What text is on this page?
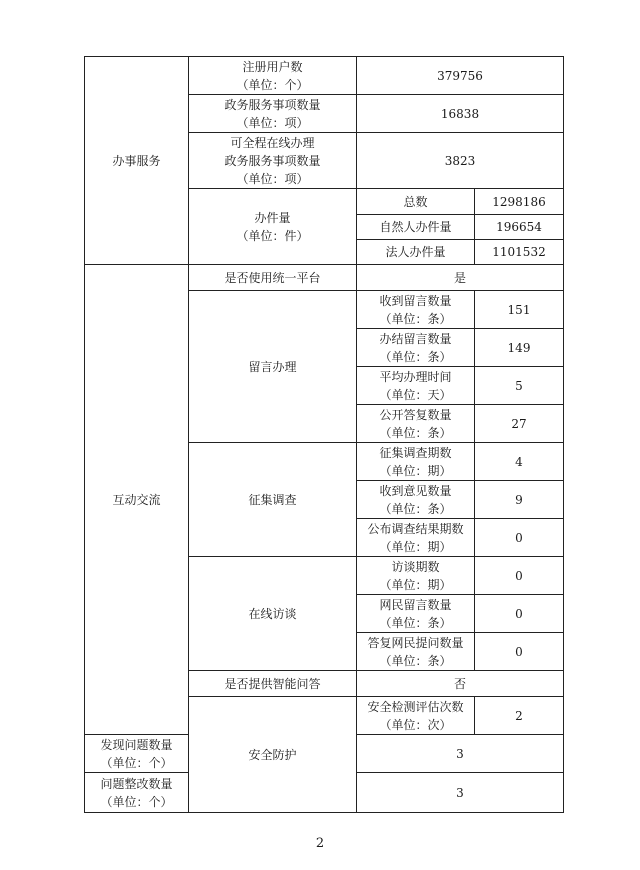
办事服务	注册用户数
（单位：个）	379756	

	政务服务事项数量
（单位：项）	16838	

	可全程在线办理
政务服务事项数量
（单位：项）	3823	

	办件量
（单位：件）	总数	1298186
		自然人办件量	196654
		法人办件量	1101532
互动交流	是否使用统一平台	是	
	留言办理	收到留言数量
（单位：条）	151

		办结留言数量
（单位：条）	149

		平均办理时间
（单位：天）	5

		公开答复数量
（单位：条）	27
	征集调查	征集调查期数
（单位：期）	4

		收到意见数量
（单位：条）	9

		公布调查结果期数
（单位：期）	0
	在线访谈	访谈期数
（单位：期）	0

		网民留言数量
（单位：条）	0

		答复网民提问数量
（单位：条）	0
	是否提供智能问答	否	
	安全防护	安全检测评估次数
（单位：次）	2

发现问题数量
（单位：个）		3	

问题整改数量
（单位：个）		3	
2
